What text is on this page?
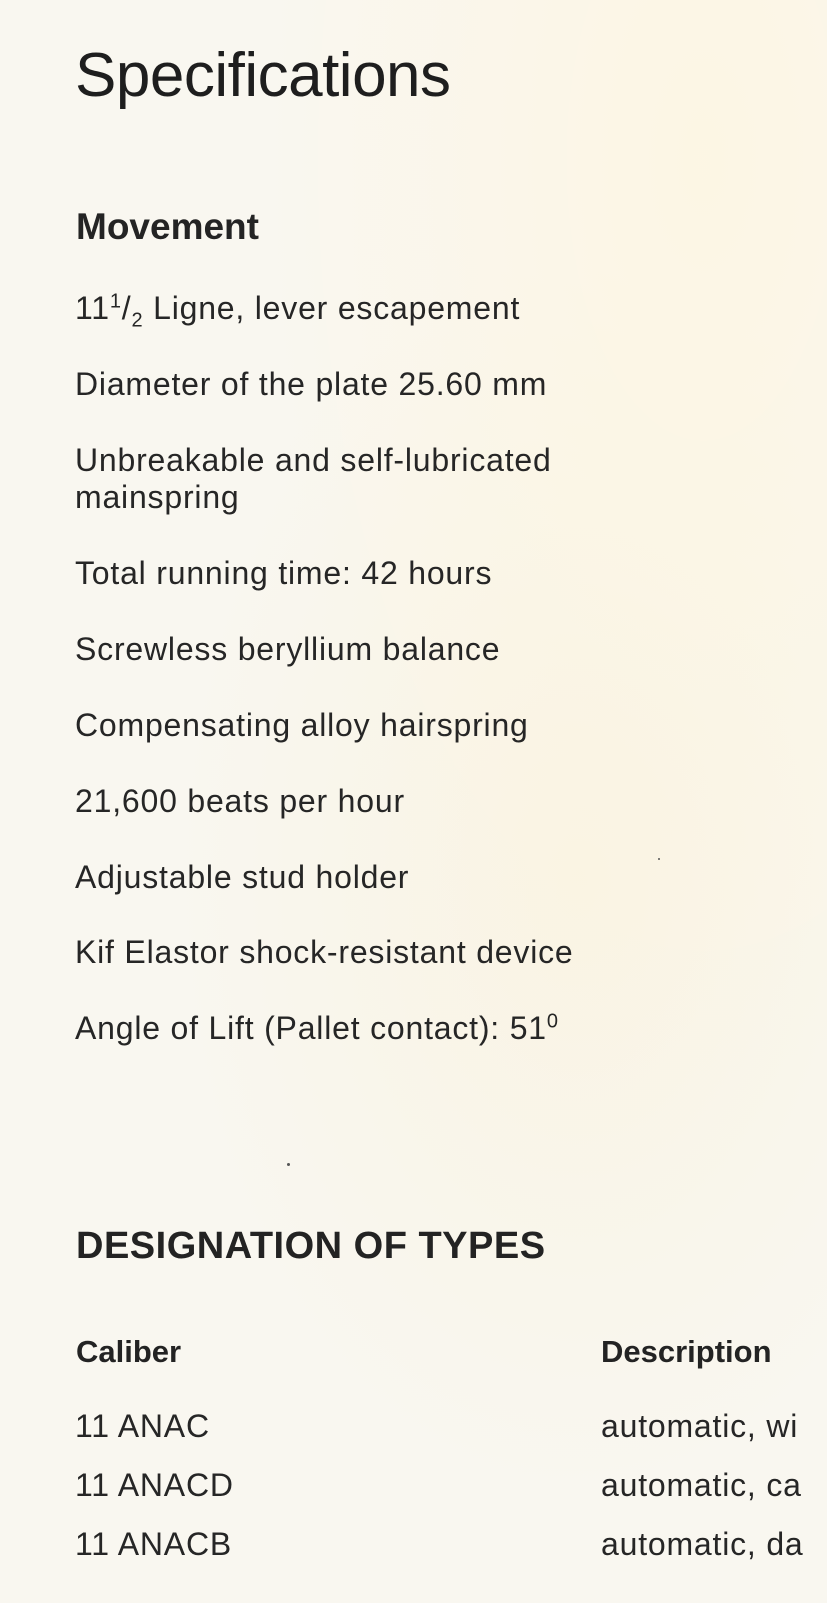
Specifications
Movement

$11^1/_2$ Ligne, lever escapement

Diameter of the plate 25.60 mm

Unbreakable and self-lubricated

mainspring

Total running time: 42 hours

Screwless beryllium balance

Compensating alloy hairspring

21,600 beats per hour

Adjustable stud holder

Kif Elastor shock-resistant device

Angle of Lift (Pallet contact): $51^0$

DESIGNATION OF TYPES

Caliber	Description

11 ANAC	automatic, wi

11 ANACD	automatic, ca

11 ANACB	automatic, da
